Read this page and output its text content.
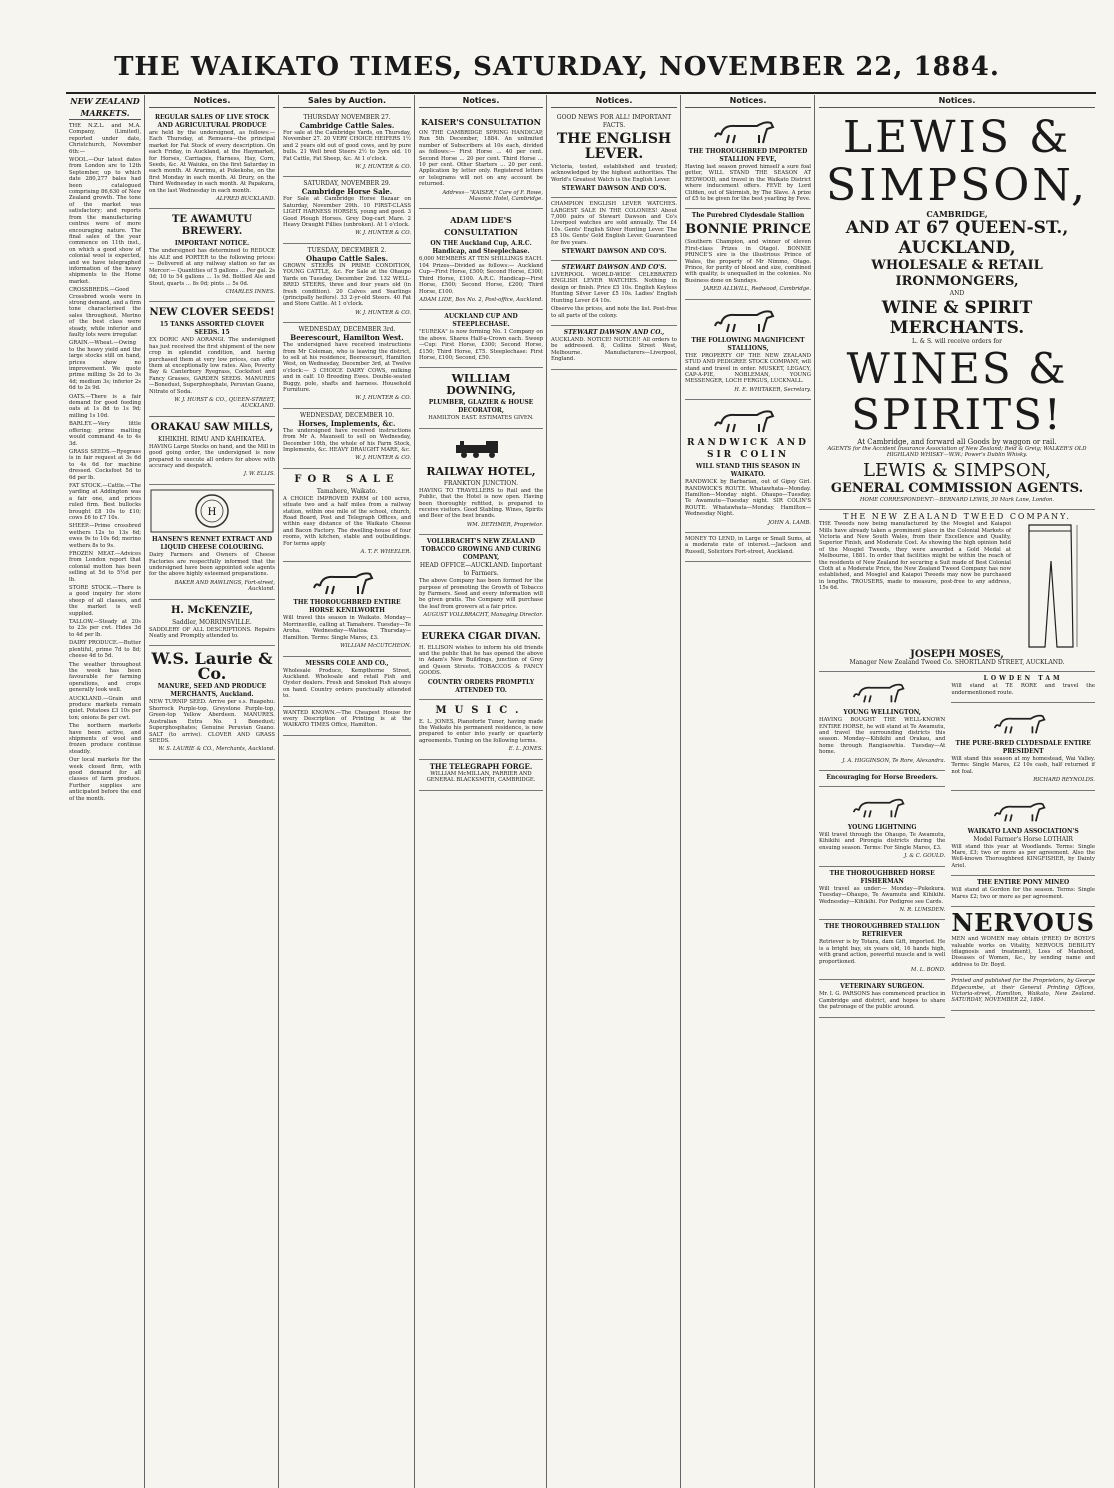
THE WAIKATO TIMES, SATURDAY, NOVEMBER 22, 1884.
NEW ZEALAND MARKETS.

THE N.Z.L. and M.A. Company, (Limited), reported under date, Christchurch, November 6th:—

WOOL.—Our latest dates from London are to 12th September, up to which date 280,277 bales had been catalogued comprising 86,630 of New Zealand growth. The tone of the market was satisfactory; and reports from the manufacturing centres were of more encouraging nature. The final sales of the year commence on 11th inst., on which a good show of colonial wool is expected, and we have telegraphed information of the heavy shipments to the Home market.

CROSSBREDS.—Good Crossbred wools were in strong demand, and a firm tone characterised the sales throughout. Merino of the best class were steady, while inferior and faulty lots were irregular.

GRAIN.—Wheat.—Owing to the heavy yield and the large stocks still on hand, prices show no improvement. We quote prime milling 3s 2d to 3s 4d; medium 3s; inferior 2s 6d to 2s 9d.

OATS.—There is a fair demand for good feeding oats at 1s 8d to 1s 9d; milling 1s 10d.

BARLEY.—Very little offering; prime malting would command 4s to 4s 3d.

GRASS SEEDS.—Ryegrass is in fair request at 3s 6d to 4s 6d for machine dressed. Cocksfoot 5d to 6d per lb.

FAT STOCK.—Cattle.—The yarding at Addington was a fair one, and prices ruled firm. Best bullocks brought £8 10s to £10; cows £6 to £7 10s.

SHEEP.—Prime crossbred wethers 12s to 13s 6d; ewes 9s to 10s 6d; merino wethers 8s to 9s.

FROZEN MEAT.—Advices from London report that colonial mutton has been selling at 5d to 5½d per lb.

STORE STOCK.—There is a good inquiry for store sheep of all classes, and the market is well supplied.

TALLOW.—Steady at 20s to 23s per cwt. Hides 3d to 4d per lb.

DAIRY PRODUCE.—Butter plentiful, prime 7d to 8d; cheese 4d to 5d.

The weather throughout the week has been favourable for farming operations, and crops generally look well.

AUCKLAND.—Grain and produce markets remain quiet. Potatoes £3 10s per ton; onions 8s per cwt.

The northern markets have been active, and shipments of wool and frozen produce continue steadily.

Our local markets for the week closed firm, with good demand for all classes of farm produce. Further supplies are anticipated before the end of the month.

Notices.
REGULAR SALES OF LIVE STOCK AND AGRICULTURAL PRODUCE

are held by the undersigned, as follows:— Each Thursday, at Remuera—the principal market for Fat Stock of every description. On each Friday, in Auckland, at the Haymarket, for Horses, Carriages, Harness, Hay, Corn, Seeds, &c. At Waiuku, on the first Saturday in each month. At Ararimu, at Pukekohe, on the first Monday in each month. At Drury, on the Third Wednesday in each month. At Papakura, on the last Wednesday in each month.

ALFRED BUCKLAND.

TE AWAMUTU BREWERY.
IMPORTANT NOTICE.

The undersigned has determined to REDUCE his ALE and PORTER to the following prices:— Delivered at any railway station so far as Mercer:— Quantities of 5 gallons ... Per gal. 2s 0d; 10 to 54 gallons ... 1s 9d. Bottled Ale and Stout, quarts ... 8s 0d; pints ... 5s 0d.

CHARLES INNES.

NEW CLOVER SEEDS!
15 TANKS ASSORTED CLOVER SEEDS. 15

EX DORIC AND AORANGI. The undersigned has just received the first shipment of the new crop in splendid condition, and having purchased them at very low prices, can offer them at exceptionally low rates. Also, Poverty Bay & Canterbury Ryegrass, Cocksfoot and Fancy Grasses, GARDEN SEEDS. MANURES—Bonedust, Superphosphate, Peruvian Guano, Nitrate of Soda.

W. J. HURST & CO., QUEEN-STREET, AUCKLAND.

ORAKAU SAW MILLS,
KIHIKIHI. RIMU AND KAHIKATEA.

HAVING Large Stocks on hand, and the Mill in good going order, the undersigned is now prepared to execute all orders for above with accuracy and despatch.

J. W. ELLIS.

H
HANSEN'S RENNET EXTRACT AND LIQUID CHEESE COLOURING.

Dairy Farmers and Owners of Cheese Factories are respectfully informed that the undersigned have been appointed sole agents for the above highly esteemed preparations.

BAKER AND RAWLINGS, Fort-street, Auckland.

H. McKENZIE,
Saddler, MORRINSVILLE.

SADDLERY OF ALL DESCRIPTIONS. Repairs Neatly and Promptly attended to.

W.S. Laurie & Co.
MANURE, SEED AND PRODUCE MERCHANTS, Auckland.

NEW TURNIP SEED. Arrive per s.s. Ruapehu. Shorrock Purple-top, Greystone Purple-top, Green-top Yellow Aberdeen. MANURES. Australian Extra No. 1 Bonedust; Superphosphates; Genuine Peruvian Guano. SALT (to arrive). CLOVER AND GRASS SEEDS.

W. S. LAURIE & CO., Merchants, Auckland.

Sales by Auction.
THURSDAY NOVEMBER 27.
Cambridge Cattle Sales.

For sale at the Cambridge Yards, on Thursday, November 27. 20 VERY CHOICE HEIFERS 1½ and 2 years old out of good cows, and by pure bulls. 21 Well bred Steers 2½ to 3yrs old. 10 Fat Cattle, Fat Sheep, &c. At 1 o'clock.

W. J. HUNTER & CO.

SATURDAY, NOVEMBER 29.
Cambridge Horse Sale.

For Sale at Cambridge Horse Bazaar on Saturday, November 29th. 10 FIRST-CLASS LIGHT HARNESS HORSES, young and good. 3 Good Plough Horses. Grey Dog-cart Mare. 2 Heavy Draught Fillies (unbroken). At 1 o'clock.

W. J. HUNTER & CO.

TUESDAY, DECEMBER 2.
Ohaupo Cattle Sales.

GROWN STEERS IN PRIME CONDITION, YOUNG CATTLE, &c. For Sale at the Ohaupo Yards on Tuesday, December 2nd. 132 WELL-BRED STEERS, three and four years old (in fresh condition). 20 Calves and Yearlings (principally heifers). 33 2-yr-old Steers. 40 Fat and Store Cattle. At 1 o'clock.

W. J. HUNTER & CO.

WEDNESDAY, DECEMBER 3rd.
Beerescourt, Hamilton West.

The undersigned have received instructions from Mr Coleman, who is leaving the district, to sell at his residence, Beerescourt, Hamilton West, on Wednesday, December 3rd, at Twelve o'clock:— 3 CHOICE DAIRY COWS, milking and in calf. 10 Breeding Ewes. Double-seated Buggy, pole, shafts and harness. Household Furniture.

W. J. HUNTER & CO.

WEDNESDAY, DECEMBER 10.
Horses, Implements, &c.

The undersigned have received instructions from Mr A. Maunsell to sell on Wednesday, December 10th, the whole of his Farm Stock, Implements, &c. HEAVY DRAUGHT MARE, &c.

W. J. HUNTER & CO.

FOR SALE
Tamahere, Waikato.

A CHOICE IMPROVED FARM of 100 acres, situate two and a half miles from a railway station, within one mile of the school, church, Road Board, Post and Telegraph Offices, and within easy distance of the Waikato Cheese and Bacon Factory. The dwelling-house of four rooms, with kitchen, stable and outbuildings. For terms apply

A. T. F. WHEELER.

THE THOROUGHBRED ENTIRE HORSE KENILWORTH

Will travel this season in Waikato. Monday—Morrinsville, calling at Tamahere. Tuesday—Te Aroha. Wednesday—Waitoa. Thursday—Hamilton. Terms: Single Mares, £3.

WILLIAM McCUTCHEON.

MESSRS COLE AND CO.,

Wholesale Produce, Kempthorne Street, Auckland. Wholesale and retail Fish and Oyster dealers. Fresh and Smoked Fish always on hand. Country orders punctually attended to.

WANTED KNOWN.—The Cheapest House for every Description of Printing is at the WAIKATO TIMES Office, Hamilton.

Notices.
KAISER'S CONSULTATION

ON THE CAMBRIDGE SPRING HANDICAP, Run 5th December, 1884. An unlimited number of Subscribers at 10s each, divided as follows:— First Horse ... 40 per cent. Second Horse ... 20 per cent. Third Horse ... 10 per cent. Other Starters ... 20 per cent. Application by letter only. Registered letters or telegrams will not on any account be returned.

Address—"KAISER," Care of F. Rowe, Masonic Hotel, Cambridge.

ADAM LIDE'S CONSULTATION
ON THE Auckland Cup, A.R.C. Handicap, and Steeplechase.

6,000 MEMBERS AT TEN SHILLINGS EACH. 104 Prizes—Divided as follows:— Auckland Cup—First Horse, £500; Second Horse, £300; Third Horse, £100. A.R.C. Handicap—First Horse, £500; Second Horse, £200; Third Horse, £100.

ADAM LIDE, Box No. 2, Post-office, Auckland.

AUCKLAND CUP AND STEEPLECHASE.

"EUREKA" is now forming No. 1 Company on the above. Shares Half-a-Crown each. Sweep—Cup: First Horse, £300; Second Horse, £150; Third Horse, £75. Steeplechase: First Horse, £100; Second, £50.

WILLIAM DOWNING,
PLUMBER, GLAZIER & HOUSE DECORATOR,

HAMILTON EAST. ESTIMATES GIVEN.

RAILWAY HOTEL,
FRANKTON JUNCTION.

HAVING TO TRAVELLERS to Rail and the Public, that the Hotel is now open. Having been thoroughly refitted, is prepared to receive visitors. Good Stabling. Wines, Spirits and Beer of the best brands.

WM. DETHMER, Proprietor.

VOLLBRACHT'S NEW ZEALAND TOBACCO GROWING AND CURING COMPANY,
HEAD OFFICE—AUCKLAND. Important to Farmers.

The above Company has been formed for the purpose of promoting the Growth of Tobacco by Farmers. Seed and every information will be given gratis. The Company will purchase the leaf from growers at a fair price.

AUGUST VOLLBRACHT, Managing Director.

EUREKA CIGAR DIVAN.

H. ELLISON wishes to inform his old friends and the public that he has opened the above in Adam's New Buildings, junction of Grey and Queen Streets. TOBACCOS & FANCY GOODS.

COUNTRY ORDERS PROMPTLY ATTENDED TO.
MUSIC.

E. L. JONES, Pianoforte Tuner, having made the Waikato his permanent residence, is now prepared to enter into yearly or quarterly agreements. Tuning on the following terms.

E. L. JONES.

THE TELEGRAPH FORGE.

WILLIAM McMILLAN, FARRIER AND GENERAL BLACKSMITH, CAMBRIDGE.

Notices.
GOOD NEWS FOR ALL! IMPORTANT FACTS.
THE ENGLISH LEVER.

Victoria, tested, established and trusted; acknowledged by the highest authorities. The World's Greatest Watch is the English Lever.

STEWART DAWSON AND CO'S.

CHAMPION ENGLISH LEVER WATCHES. LARGEST SALE IN THE COLONIES! About 7,000 pairs of Stewart Dawson and Co's Liverpool watches are sold annually. The £4 10s. Gents' English Silver Hunting Lever. The £5 10s. Gents' Gold English Lever. Guaranteed for five years.

STEWART DAWSON AND CO'S.
STEWART DAWSON AND CO'S.

LIVERPOOL WORLD-WIDE CELEBRATED ENGLISH LEVER WATCHES. Nothing in design or finish. Price £5 10s. English Keyless Hunting Silver Lever £5 10s. Ladies' English Hunting Lever £4 10s.

Observe the prices, and note the list. Post-free to all parts of the colony.

STEWART DAWSON AND CO.,

AUCKLAND. NOTICE! NOTICE!! All orders to be addressed. 8, Collins Street West, Melbourne. Manufacturers—Liverpool, England.

Notices.
THE THOROUGHBRED IMPORTED STALLION FEVE,

Having last season proved himself a sure foal getter, WILL STAND THE SEASON AT REDWOOD, and travel in the Waikato District where inducement offers. FEVE by Lord Clifden, out of Skirmish, by The Slave. A prize of £5 to be given for the best yearling by Feve.

The Purebred Clydesdale Stallion
BONNIE PRINCE

(Southern Champion, and winner of eleven First-class Prizes in Otago). BONNIE PRINCE'S sire is the illustrious Prince of Wales, the property of Mr Nimmo, Otago. Prince, for purity of blood and size, combined with quality, is unequalled in the colonies. No Business done on Sundays.

JARED ALLWILL, Redwood, Cambridge.

THE FOLLOWING MAGNIFICENT STALLIONS,

THE PROPERTY OF THE NEW ZEALAND STUD AND PEDIGREE STOCK COMPANY, will stand and travel in order. MUSKET, LEGACY, CAP-A-PIE, NOBLEMAN, YOUNG MESSENGER, LOCH FERGUS, LUCKNALL.

H. E. WHITAKER, Secretary.

RANDWICK AND SIR COLIN
WILL STAND THIS SEASON IN WAIKATO.

RANDWICK by Barbarian, out of Gipsy Girl. RANDWICK'S ROUTE. Whatawhata—Monday. Hamilton—Monday night. Ohaupo—Tuesday. Te Awamutu—Tuesday night. SIR COLIN'S ROUTE. Whatawhata—Monday. Hamilton—Wednesday Night.

JOHN A. LAMB.

MONEY TO LEND, in Large or Small Sums, at a moderate rate of interest.—Jackson and Russell, Solicitors Fort-street, Auckland.

Notices.
LEWIS & SIMPSON,
CAMBRIDGE,
AND AT 67 QUEEN-ST., AUCKLAND,
WHOLESALE & RETAIL IRONMONGERS,
AND
WINE & SPIRIT MERCHANTS.
L. & S. will receive orders for
WINES & SPIRITS!
At Cambridge, and forward all Goods by waggon or rail.

AGENTS for the Accident Insurance Association of New Zealand; Reid & Greig; WALKER'S OLD HIGHLAND WHISKY—W.W.; Power's Dublin Whisky.

LEWIS & SIMPSON,
GENERAL COMMISSION AGENTS.

HOME CORRESPONDENT:—BERNARD LEWIS, 30 Mark Lane, London.

THE NEW ZEALAND TWEED COMPANY.

THE Tweeds now being manufactured by the Mosgiel and Kaiapoi Mills have already taken a prominent place in the Colonial Markets of Victoria and New South Wales, from their Excellence and Quality, Superior Finish, and Moderate Cost. As showing the high opinion held of the Mosgiel Tweeds, they were awarded a Gold Medal at Melbourne, 1881. In order that facilities might be within the reach of the residents of New Zealand for securing a Suit made of Best Colonial Cloth at a Moderate Price, the New Zealand Tweed Company has now established, and Mosgiel and Kaiapoi Tweeds may now be purchased in lengths. TROUSERS, made to measure, post-free to any address, 15s 6d.

JOSEPH MOSES,
Manager New Zealand Tweed Co. SHORTLAND STREET, AUCKLAND.
YOUNG WELLINGTON,

HAVING BOUGHT THE WELL-KNOWN ENTIRE HORSE, he will stand at Te Awamutu, and travel the surrounding districts this season. Monday—Kihikihi and Orakau, and home through Rangiaowhia. Tuesday—At home.

J. A. HIGGINSON, Te Rore, Alexandra.

Encouraging for Horse Breeders.
YOUNG LIGHTNING

Will travel through the Ohaupo, Te Awamutu, Kihikihi and Pirongia districts during the ensuing season. Terms: For Single Mares, £3.

J. & C. GOULD.

THE THOROUGHBRED HORSE FISHERMAN

Will travel as under:— Monday—Pukekura. Tuesday—Ohaupo, Te Awamutu and Kihikihi. Wednesday—Kihikihi. For Pedigree see Cards.

N. R. LUMSDEN.

THE THOROUGHBRED STALLION RETRIEVER

Retriever is by Totara, dam Gift, imported. He is a bright bay, six years old, 16 hands high, with grand action, powerful muscle and is well proportioned.

M. L. BOND.

VETERINARY SURGEON.

Mr. I. G. PARSONS has commenced practice in Cambridge and district, and hopes to share the patronage of the public around.

LOWDEN TAM

Will stand at TE RORE and travel the undermentioned route.

THE PURE-BRED CLYDESDALE ENTIRE PRESIDENT

Will stand this season at my homestead, Wai Valley. Terms: Single Mares, £2 10s cash, half returned if not foal.

RICHARD REYNOLDS.

WAIKATO LAND ASSOCIATION'S
Model Farmer's Horse LOTHAIR

Will stand this year at Woodlands. Terms: Single Mare, £3; two or more as per agreement. Also the Well-known Thoroughbred KINGFISHER, by Dainty Ariel.

THE ENTIRE PONY MINEO

Will stand at Gordon for the season. Terms: Single Mares £2; two or more as per agreement.

NERVOUS

MEN and WOMEN may obtain (FREE) Dr BOYD'S valuable works on Vitality, NERVOUS DEBILITY (diagnosis and treatment), Loss of Manhood, Diseases of Women, &c., by sending name and address to Dr. Boyd.

Printed and published for the Proprietors, by George Edgecumbe, at their General Printing Offices, Victoria-street, Hamilton, Waikato, New Zealand. SATURDAY, NOVEMBER 22, 1884.
